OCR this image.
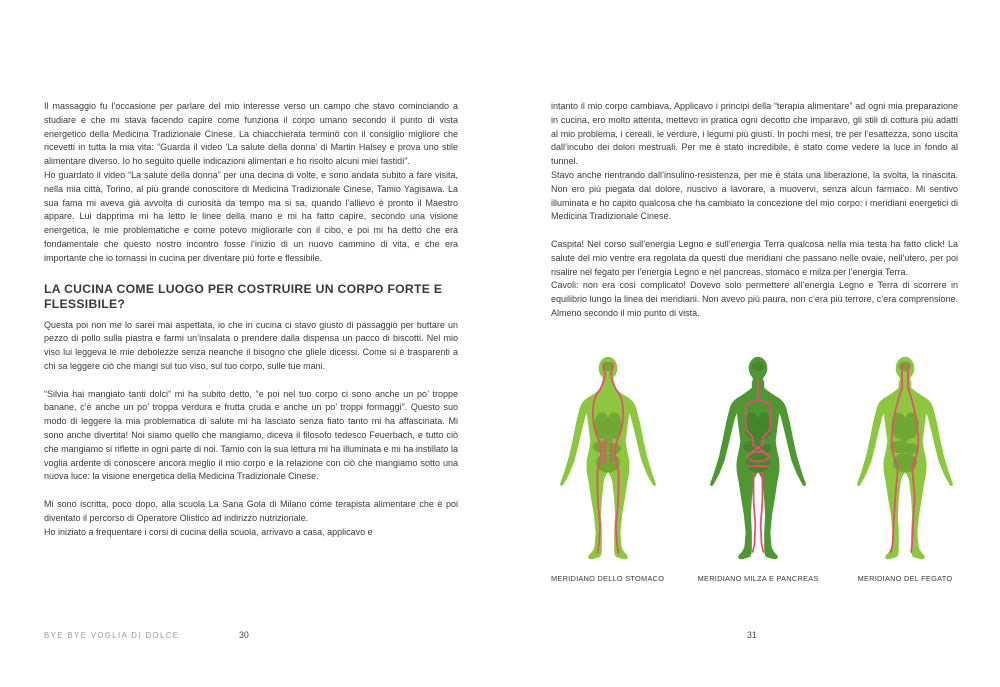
Il massaggio fu l’occasione per parlare del mio interesse verso un campo che stavo cominciando a studiare e che mi stava facendo capire come funziona il corpo umano secondo il punto di vista energetico della Medicina Tradizionale Cinese. La chiacchierata terminò con il consiglio migliore che ricevetti in tutta la mia vita: “Guarda il video ‘La salute della donna’ di Martin Halsey e prova uno stile alimentare diverso. Io ho seguito quelle indicazioni alimentari e ho risolto alcuni miei fastidi”.

Ho guardato il video “La salute della donna” per una decina di volte, e sono andata subito a fare visita, nella mia città, Torino, al più grande conoscitore di Medicina Tradizionale Cinese, Tamio Yagisawa. La sua fama mi aveva già avvolta di curiosità da tempo ma si sa, quando l’allievo è pronto il Maestro appare. Lui dapprima mi ha letto le linee della mano e mi ha fatto capire, secondo una visione energetica, le mie problematiche e come potevo migliorarle con il cibo, e poi mi ha detto che era fondamentale che questo nostro incontro fosse l’inizio di un nuovo cammino di vita, e che era importante che io tornassi in cucina per diventare più forte e flessibile.

LA CUCINA COME LUOGO PER COSTRUIRE UN CORPO FORTE E FLESSIBILE?

Questa poi non me lo sarei mai aspettata, io che in cucina ci stavo giusto di passaggio per buttare un pezzo di pollo sulla piastra e farmi un’insalata o prendere dalla dispensa un pacco di biscotti. Nel mio viso lui leggeva le mie debolezze senza neanche il bisogno che gliele dicessi. Come si è trasparenti a chi sa leggere ciò che mangi sul tuo viso, sul tuo corpo, sulle tue mani.

“Silvia hai mangiato tanti dolci” mi ha subito detto, “e poi nel tuo corpo ci sono anche un po’ troppe banane, c’è anche un po’ troppa verdura e frutta cruda e anche un po’ troppi formaggi”. Questo suo modo di leggere la mia problematica di salute mi ha lasciato senza fiato tanto mi ha affascinata. Mi sono anche divertita! Noi siamo quello che mangiamo, diceva il filosofo tedesco Feuerbach, e tutto ciò che mangiamo si riflette in ogni parte di noi. Tamio con la sua lettura mi ha illuminata e mi ha instillato la voglia ardente di conoscere ancora meglio il mio corpo e la relazione con ciò che mangiamo sotto una nuova luce: la visione energetica della Medicina Tradizionale Cinese.

Mi sono iscritta, poco dopo, alla scuola La Sana Gola di Milano come terapista alimentare che è poi diventato il percorso di Operatore Olistico ad indirizzo nutrizionale.

Ho iniziato a frequentare i corsi di cucina della scuola, arrivavo a casa, applicavo e

intanto il mio corpo cambiava. Applicavo i principi della “terapia alimentare” ad ogni mia preparazione in cucina, ero molto attenta, mettevo in pratica ogni decotto che imparavo, gli stili di cottura più adatti al mio problema, i cereali, le verdure, i legumi più giusti. In pochi mesi, tre per l’esattezza, sono uscita dall’incubo dei dolori mestruali. Per me è stato incredibile, è stato come vedere la luce in fondo al tunnel.

Stavo anche rientrando dall’insulino-resistenza, per me è stata una liberazione, la svolta, la rinascita. Non ero più piegata dal dolore, riuscivo a lavorare, a muovervi, senza alcun farmaco. Mi sentivo illuminata e ho capito qualcosa che ha cambiato la concezione del mio corpo: i meridiani energetici di Medicina Tradizionale Cinese.

Caspita! Nel corso sull’energia Legno e sull’energia Terra qualcosa nella mia testa ha fatto click! La salute del mio ventre era regolata da questi due meridiani che passano nelle ovaie, nell’utero, per poi risalire nel fegato per l’energia Legno e nel pancreas, stomaco e milza per l’energia Terra.

Cavoli: non era così complicato! Dovevo solo permettere all’energia Legno e Terra di scorrere in equilibrio lungo la linea dei meridiani. Non avevo più paura, non c’era più terrore, c’era comprensione. Almeno secondo il mio punto di vista.

MERIDIANO DELLO STOMACO	MERIDIANO MILZA E PANCREAS	MERIDIANO DEL FEGATO
BYE BYE VOGLIA DI DOLCE	30	31
